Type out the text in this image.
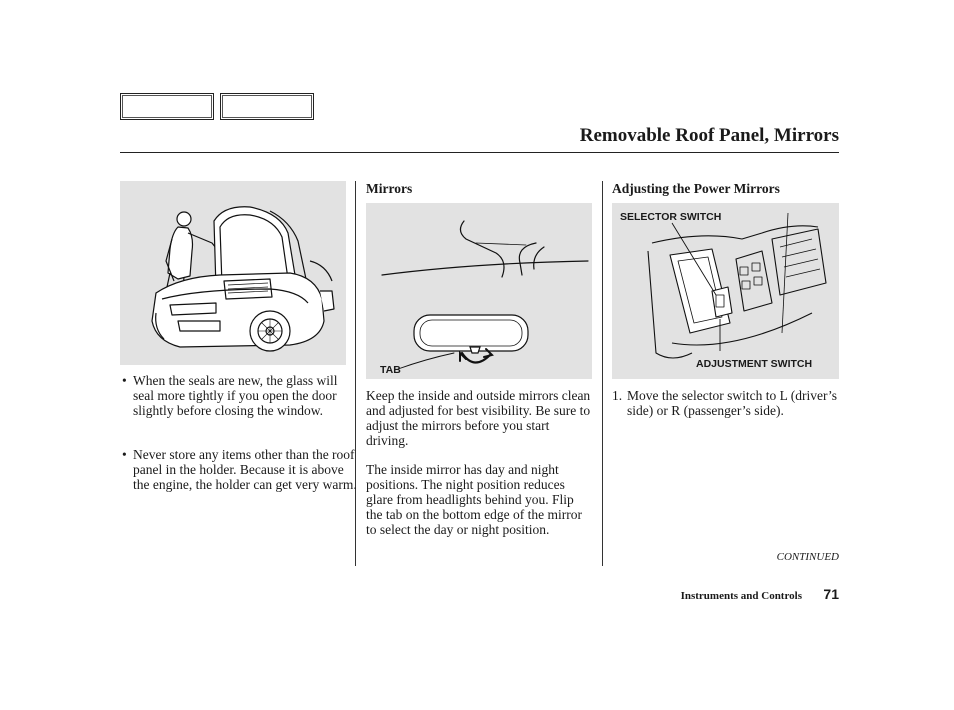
Removable Roof Panel, Mirrors
• When the seals are new, the glass will seal more tightly if you open the door slightly before closing the window.
• Never store any items other than the roof panel in the holder. Because it is above the engine, the holder can get very warm.
Mirrors
TAB

Keep the inside and outside mirrors clean and adjusted for best visibility. Be sure to adjust the mirrors before you start driving.

The inside mirror has day and night positions. The night position reduces glare from headlights behind you. Flip the tab on the bottom edge of the mirror to select the day or night position.

Adjusting the Power Mirrors
SELECTOR SWITCH
ADJUSTMENT SWITCH
1. Move the selector switch to L (driver’s side) or R (passenger’s side).
CONTINUED
Instruments and Controls 71
